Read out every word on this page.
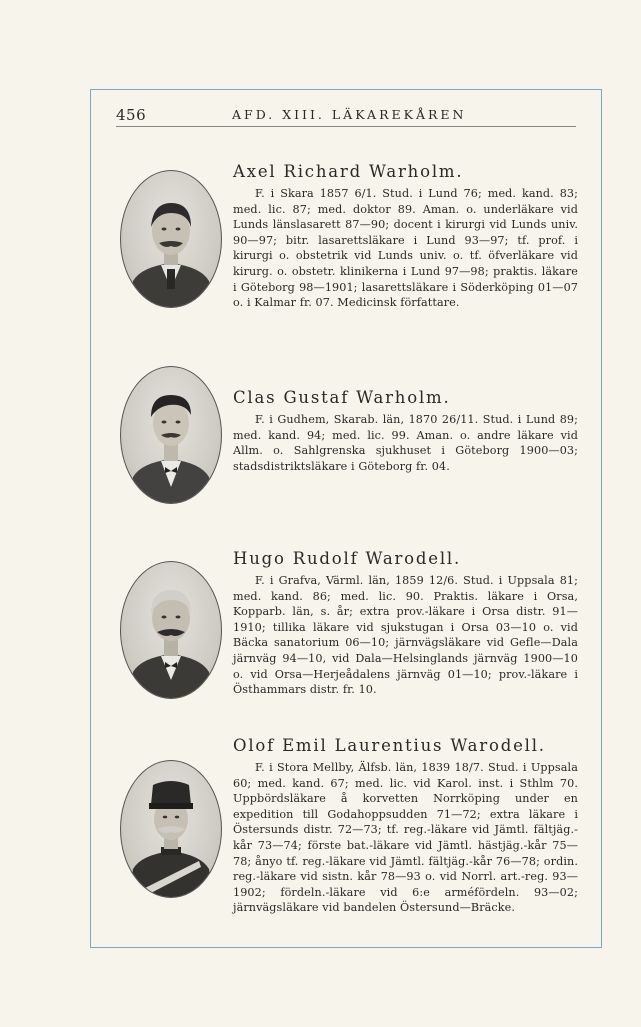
456	AFD. XIII. LÄKAREKÅREN
Axel Richard Warholm.
F. i Skara 1857 6/1. Stud. i Lund 76; med. kand. 83; med. lic. 87; med. doktor 89. Aman. o. underläkare vid Lunds länslasarett 87—90; docent i kirurgi vid Lunds univ. 90—97; bitr. lasarettsläkare i Lund 93—97; tf. prof. i kirurgi o. obstetrik vid Lunds univ. o. tf. öfverläkare vid kirurg. o. obstetr. klinikerna i Lund 97—98; praktis. läkare i Göteborg 98—1901; lasarettsläkare i Söderköping 01—07 o. i Kalmar fr. 07. Medicinsk författare.
Clas Gustaf Warholm.
F. i Gudhem, Skarab. län, 1870 26/11. Stud. i Lund 89; med. kand. 94; med. lic. 99. Aman. o. andre läkare vid Allm. o. Sahlgrenska sjukhuset i Göteborg 1900—03; stadsdistriktsläkare i Göteborg fr. 04.
Hugo Rudolf Warodell.
F. i Grafva, Värml. län, 1859 12/6. Stud. i Uppsala 81; med. kand. 86; med. lic. 90. Praktis. läkare i Orsa, Kopparb. län, s. år; extra prov.-läkare i Orsa distr. 91—1910; tillika läkare vid sjukstugan i Orsa 03—10 o. vid Bäcka sanatorium 06—10; järnvägsläkare vid Gefle—Dala järnväg 94—10, vid Dala—Helsinglands järnväg 1900—10 o. vid Orsa—Herjeådalens järnväg 01—10; prov.-läkare i Östhammars distr. fr. 10.
Olof Emil Laurentius Warodell.
F. i Stora Mellby, Älfsb. län, 1839 18/7. Stud. i Uppsala 60; med. kand. 67; med. lic. vid Karol. inst. i Sthlm 70. Uppbördsläkare å korvetten Norrköping under en expedition till Godahoppsudden 71—72; extra läkare i Östersunds distr. 72—73; tf. reg.-läkare vid Jämtl. fältjäg.-kår 73—74; förste bat.-läkare vid Jämtl. hästjäg.-kår 75—78; ånyo tf. reg.-läkare vid Jämtl. fältjäg.-kår 76—78; ordin. reg.-läkare vid sistn. kår 78—93 o. vid Norrl. art.-reg. 93—1902; fördeln.-läkare vid 6:e arméfördeln. 93—02; järnvägsläkare vid bandelen Östersund—Bräcke.
